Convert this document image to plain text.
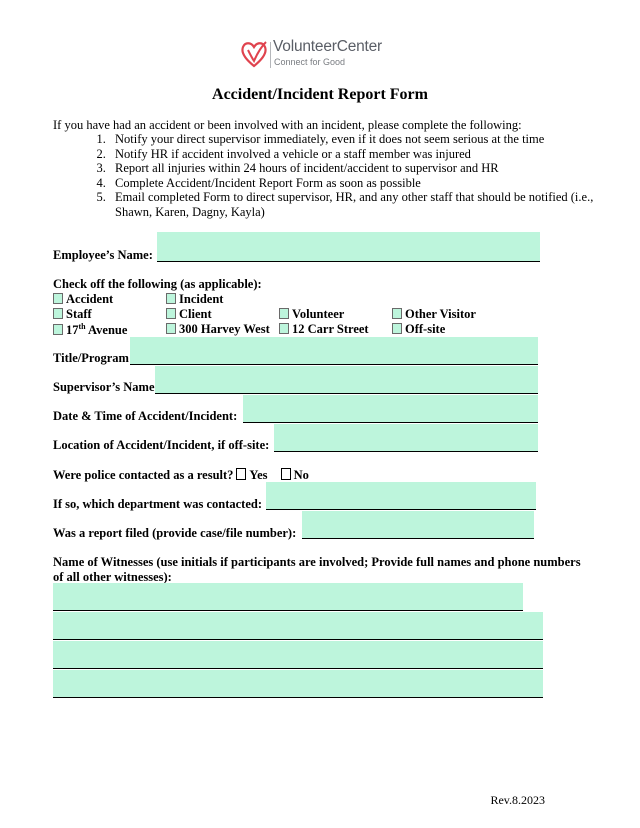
VolunteerCenter
Connect for Good
Accident/Incident Report Form
If you have had an accident or been involved with an incident, please complete the following:
1. Notify your direct supervisor immediately, even if it does not seem serious at the time
2. Notify HR if accident involved a vehicle or a staff member was injured
3. Report all injuries within 24 hours of incident/accident to supervisor and HR
4. Complete Accident/Incident Report Form as soon as possible
5. Email completed Form to direct supervisor, HR, and any other staff that should be notified (i.e., Shawn, Karen, Dagny, Kayla)
Employee’s Name:
Check off the following (as applicable):
Accident	Incident
Staff	Client	Volunteer	Other Visitor
17th Avenue	300 Harvey West	12 Carr Street	Off-site
Title/Program
Supervisor’s Name
Date & Time of Accident/Incident:
Location of Accident/Incident, if off-site:
Were police contacted as a result? Yes No
If so, which department was contacted:
Was a report filed (provide case/file number):
Name of Witnesses (use initials if participants are involved; Provide full names and phone numbers of all other witnesses):
Rev.8.2023
